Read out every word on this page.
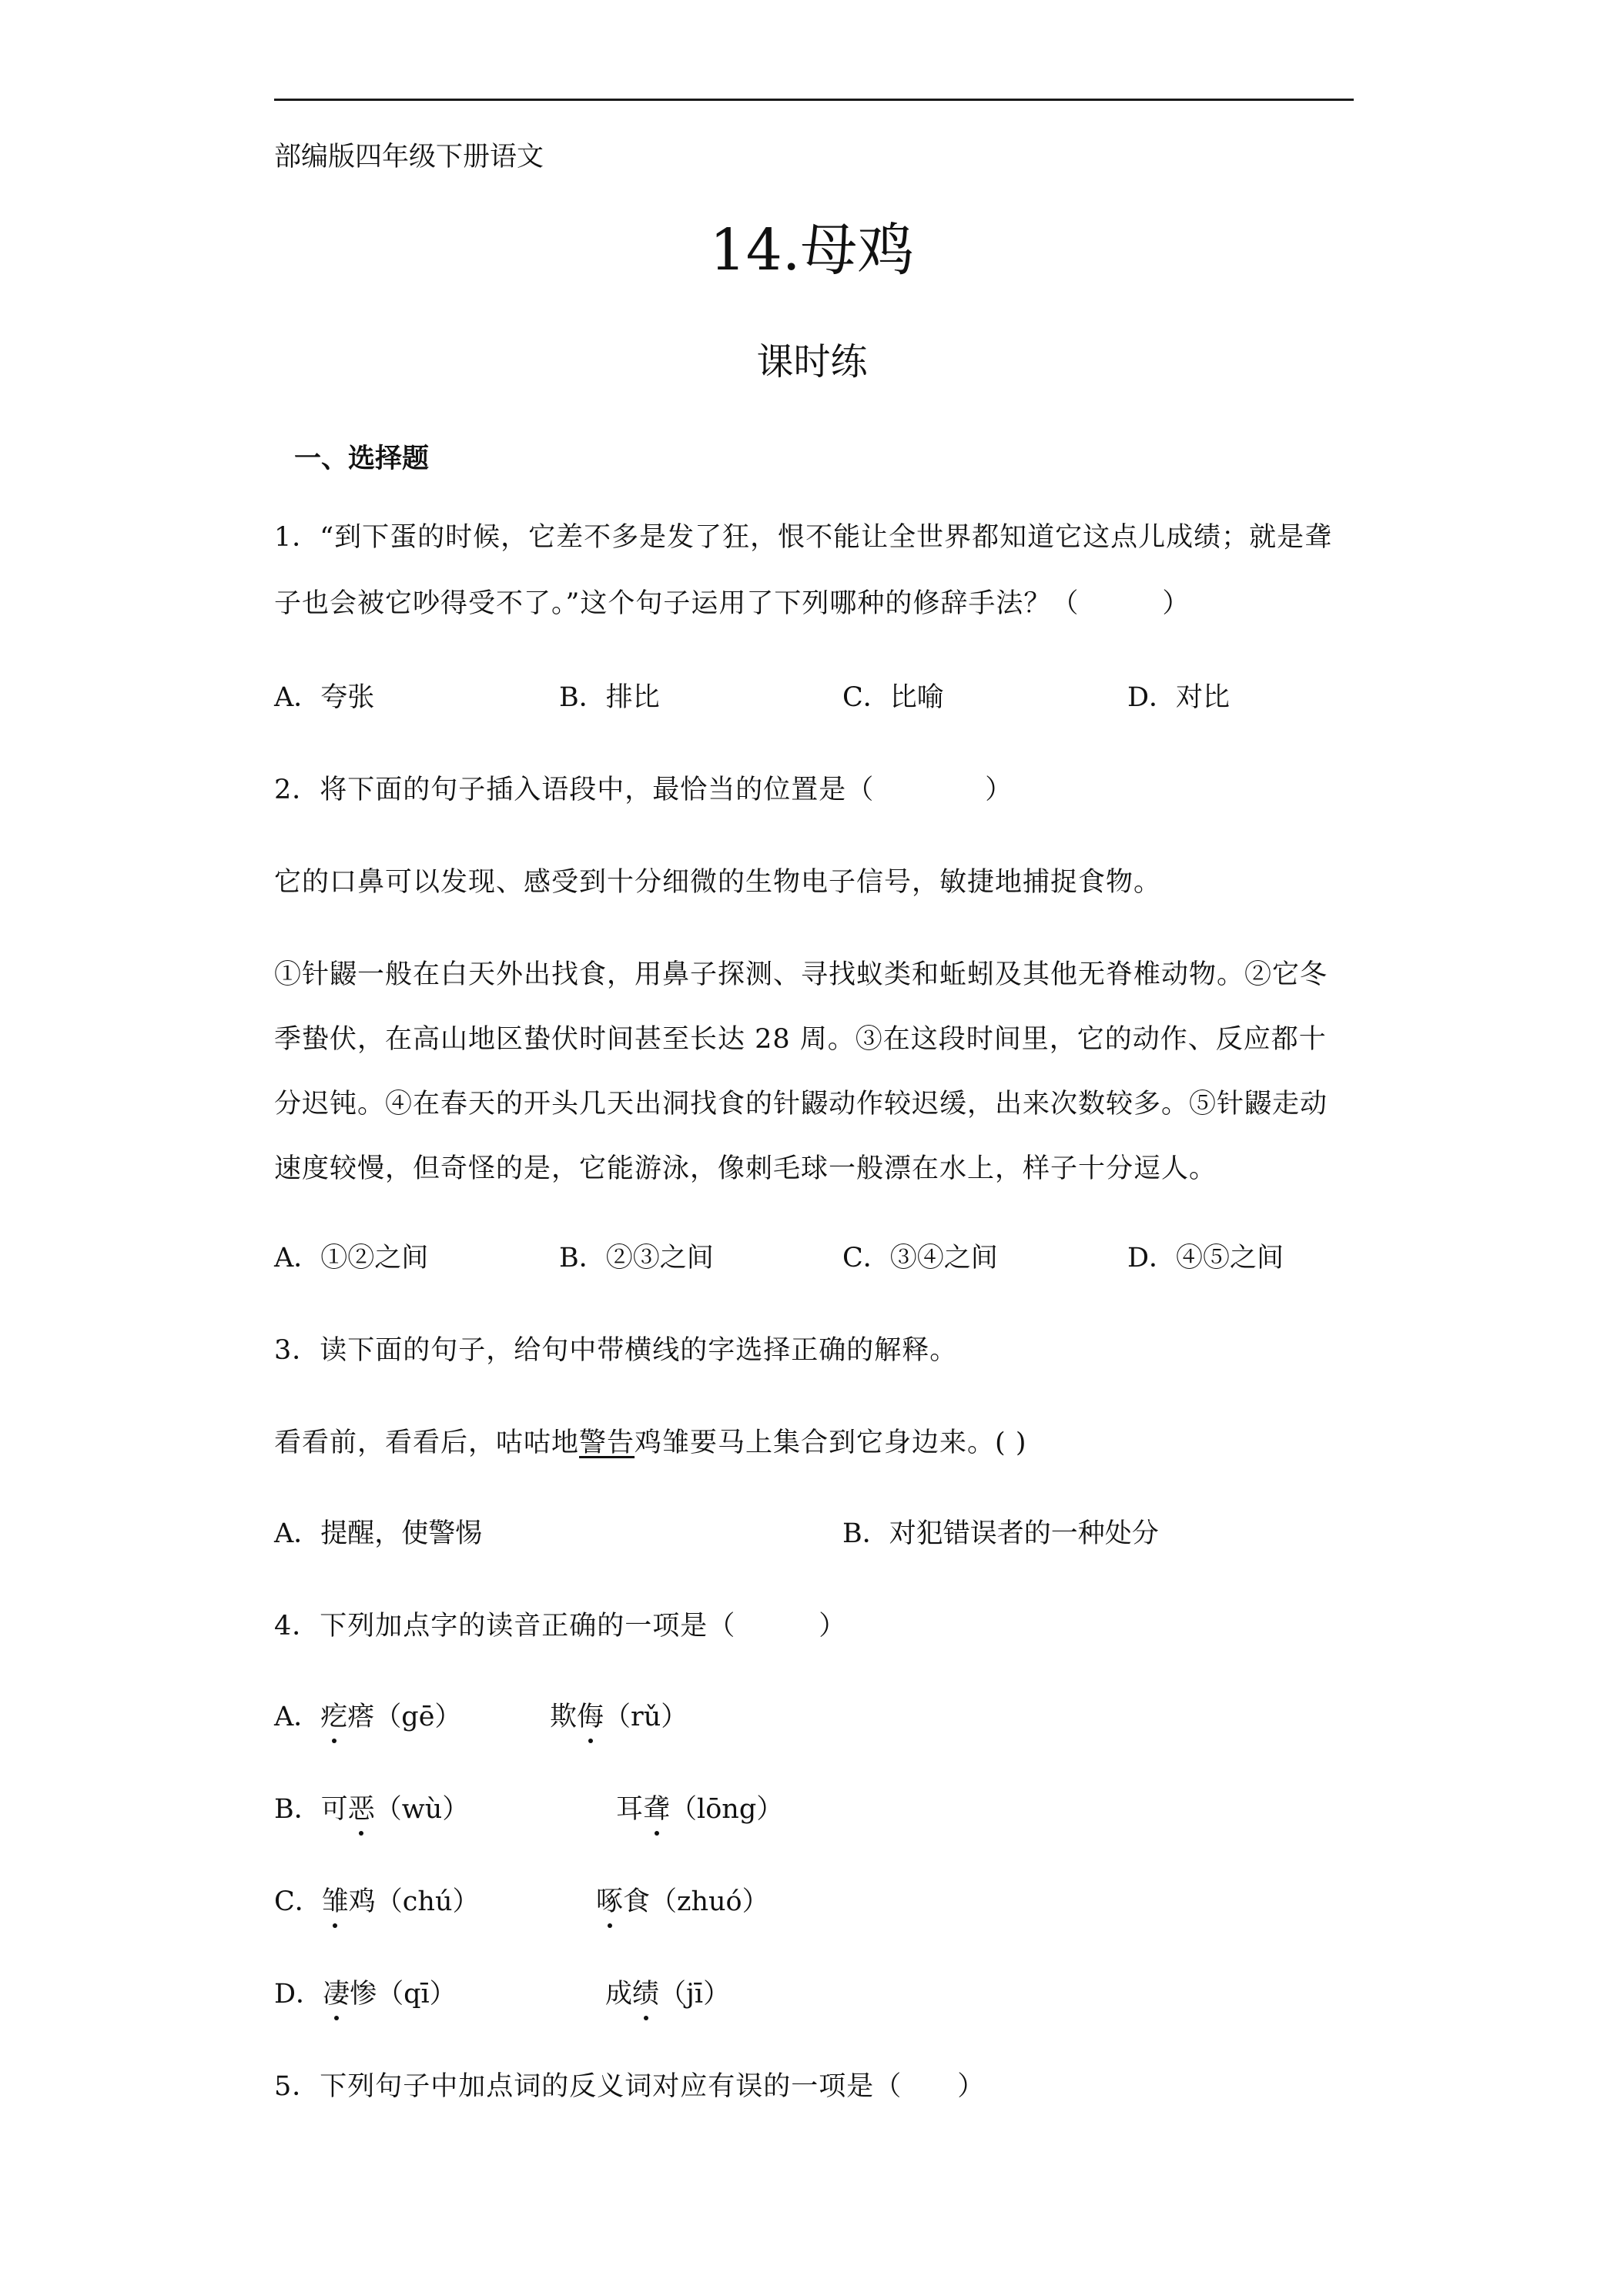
部编版四年级下册语文
14.母鸡
课时练
一、选择题
1．“到下蛋的时候，它差不多是发了狂，恨不能让全世界都知道它这点儿成绩；就是聋
子也会被它吵得受不了。”这个句子运用了下列哪种的修辞手法？（　　　）
A．夸张	B．排比	C．比喻	D．对比
2．将下面的句子插入语段中，最恰当的位置是（　　　　）
它的口鼻可以发现、感受到十分细微的生物电子信号，敏捷地捕捉食物。
①针鼹一般在白天外出找食，用鼻子探测、寻找蚁类和蚯蚓及其他无脊椎动物。②它冬
季蛰伏，在高山地区蛰伏时间甚至长达 28 周。③在这段时间里，它的动作、反应都十
分迟钝。④在春天的开头几天出洞找食的针鼹动作较迟缓，出来次数较多。⑤针鼹走动
速度较慢，但奇怪的是，它能游泳，像刺毛球一般漂在水上，样子十分逗人。
A．①②之间	B．②③之间	C．③④之间	D．④⑤之间
3．读下面的句子，给句中带横线的字选择正确的解释。
看看前，看看后，咕咕地警告鸡雏要马上集合到它身边来。( )
A．提醒，使警惕	B．对犯错误者的一种处分
4．下列加点字的读音正确的一项是（　　　）
A．疙瘩（gē）	欺侮（rǔ）
B．可恶（wù）	耳聋（lōng）
C．雏鸡（chú）	啄食（zhuó）
D．凄惨（qī）	成绩（jī）
5．下列句子中加点词的反义词对应有误的一项是（　　）
